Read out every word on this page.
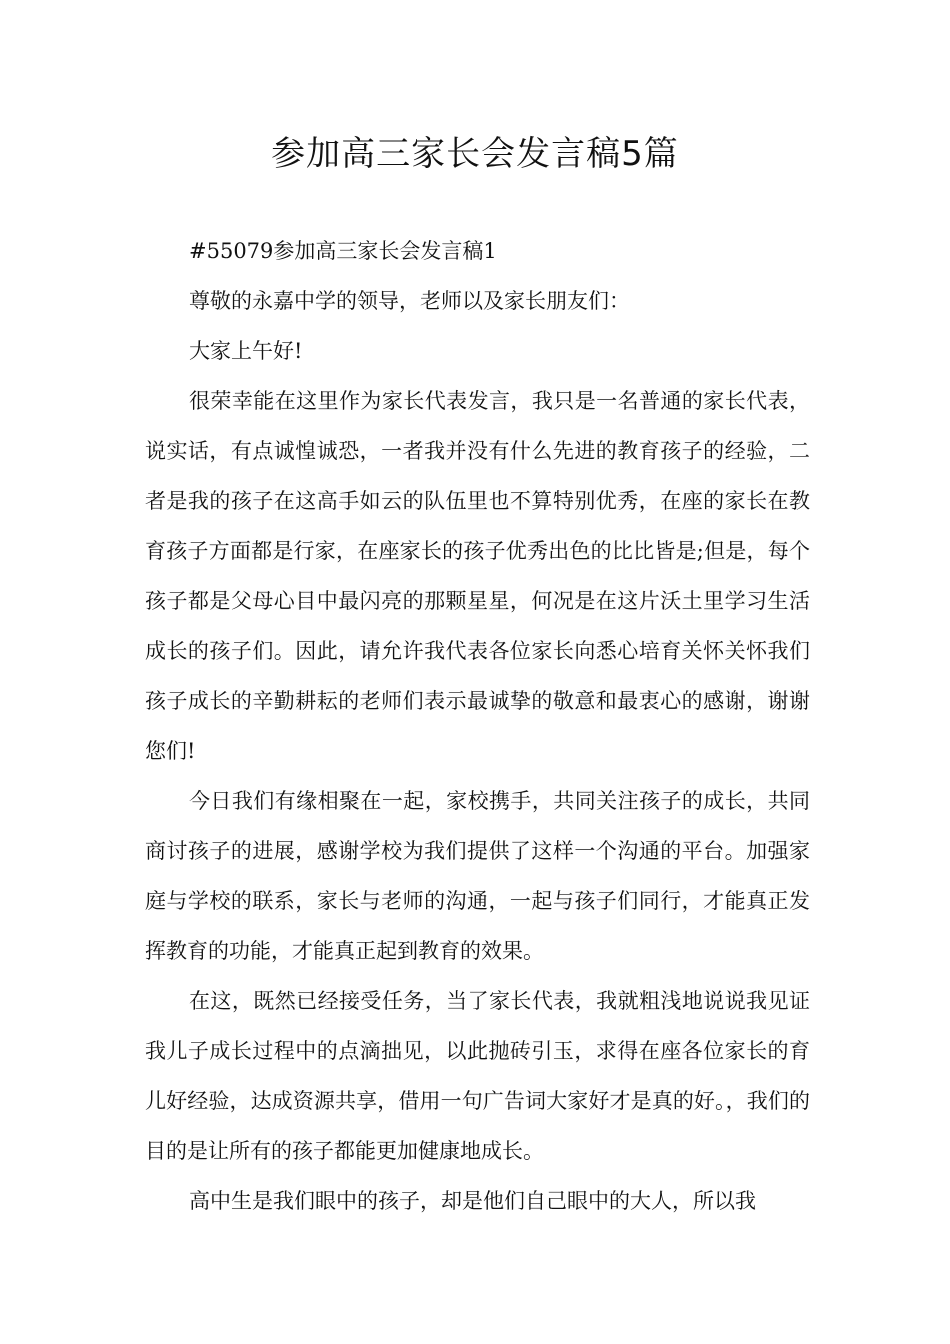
参加高三家长会发言稿5篇

#55079参加高三家长会发言稿1

尊敬的永嘉中学的领导，老师以及家长朋友们：

大家上午好!

很荣幸能在这里作为家长代表发言，我只是一名普通的家长代表，说实话，有点诚惶诚恐，一者我并没有什么先进的教育孩子的经验，二者是我的孩子在这高手如云的队伍里也不算特别优秀，在座的家长在教育孩子方面都是行家，在座家长的孩子优秀出色的比比皆是;但是，每个孩子都是父母心目中最闪亮的那颗星星，何况是在这片沃土里学习生活成长的孩子们。因此，请允许我代表各位家长向悉心培育关怀关怀我们孩子成长的辛勤耕耘的老师们表示最诚挚的敬意和最衷心的感谢，谢谢您们!

今日我们有缘相聚在一起，家校携手，共同关注孩子的成长，共同商讨孩子的进展，感谢学校为我们提供了这样一个沟通的平台。加强家庭与学校的联系，家长与老师的沟通，一起与孩子们同行，才能真正发挥教育的功能，才能真正起到教育的效果。

在这，既然已经接受任务，当了家长代表，我就粗浅地说说我见证我儿子成长过程中的点滴拙见，以此抛砖引玉，求得在座各位家长的育儿好经验，达成资源共享，借用一句广告词大家好才是真的好。，我们的目的是让所有的孩子都能更加健康地成长。

高中生是我们眼中的孩子，却是他们自己眼中的大人，所以我
